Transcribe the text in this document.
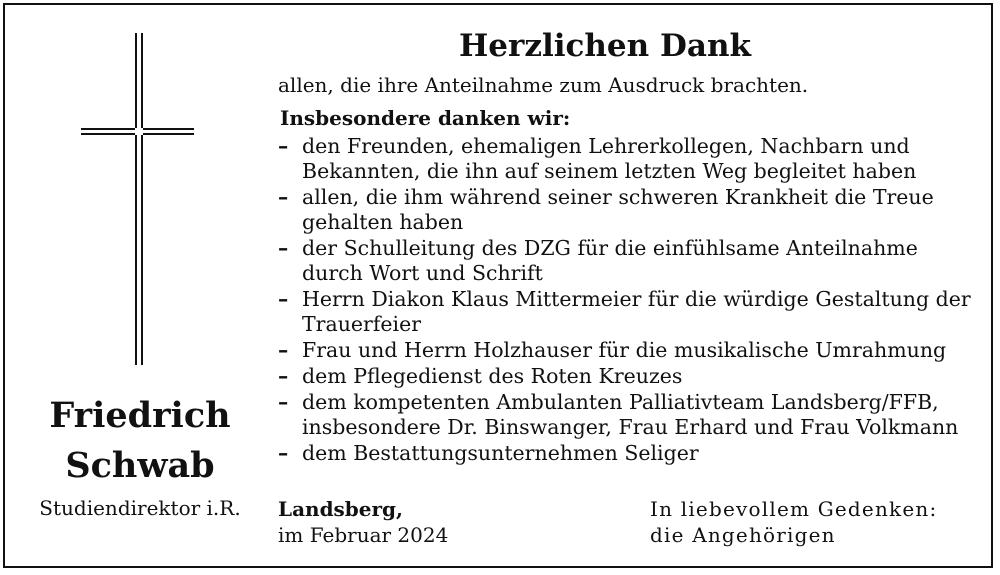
Friedrich
Schwab
Studiendirektor i.R.
Herzlichen Dank
allen, die ihre Anteilnahme zum Ausdruck brachten.
Insbesondere danken wir:
– den Freunden, ehemaligen Lehrerkollegen, Nachbarn und Bekannten, die ihn auf seinem letzten Weg begleitet haben
– allen, die ihm während seiner schweren Krankheit die Treue gehalten haben
– der Schulleitung des DZG für die einfühlsame Anteilnahme durch Wort und Schrift
– Herrn Diakon Klaus Mittermeier für die würdige Gestaltung der Trauerfeier
– Frau und Herrn Holzhauser für die musikalische Umrahmung
– dem Pflegedienst des Roten Kreuzes
– dem kompetenten Ambulanten Palliativteam Landsberg/FFB, insbesondere Dr. Binswanger, Frau Erhard und Frau Volkmann
– dem Bestattungsunternehmen Seliger
Landsberg,
im Februar 2024
In liebevollem Gedenken:
die Angehörigen
